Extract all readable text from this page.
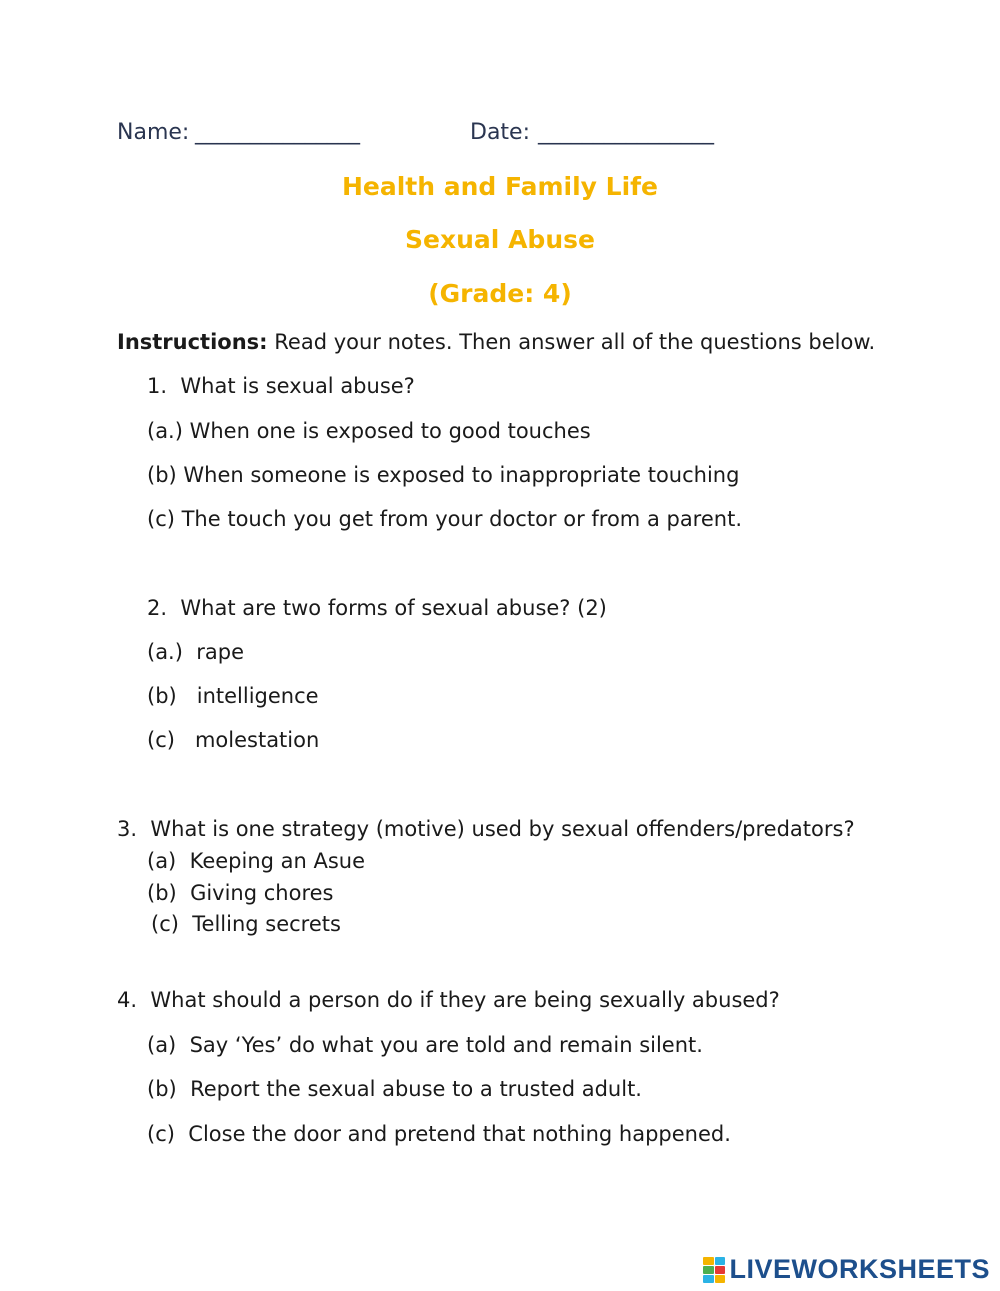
Name: _______________	Date: ________________
Health and Family Life
Sexual Abuse
(Grade: 4)
Instructions: Read your notes. Then answer all of the questions below.
1. What is sexual abuse?
(a.) When one is exposed to good touches
(b) When someone is exposed to inappropriate touching
(c) The touch you get from your doctor or from a parent.
2. What are two forms of sexual abuse? (2)
(a.)  rape
(b)   intelligence
(c)   molestation
3. What is one strategy (motive) used by sexual offenders/predators?
(a)  Keeping an Asue
(b)  Giving chores
(c)  Telling secrets
4. What should a person do if they are being sexually abused?
(a)  Say ‘Yes’ do what you are told and remain silent.
(b)  Report the sexual abuse to a trusted adult.
(c)  Close the door and pretend that nothing happened.
LIVEWORKSHEETS
